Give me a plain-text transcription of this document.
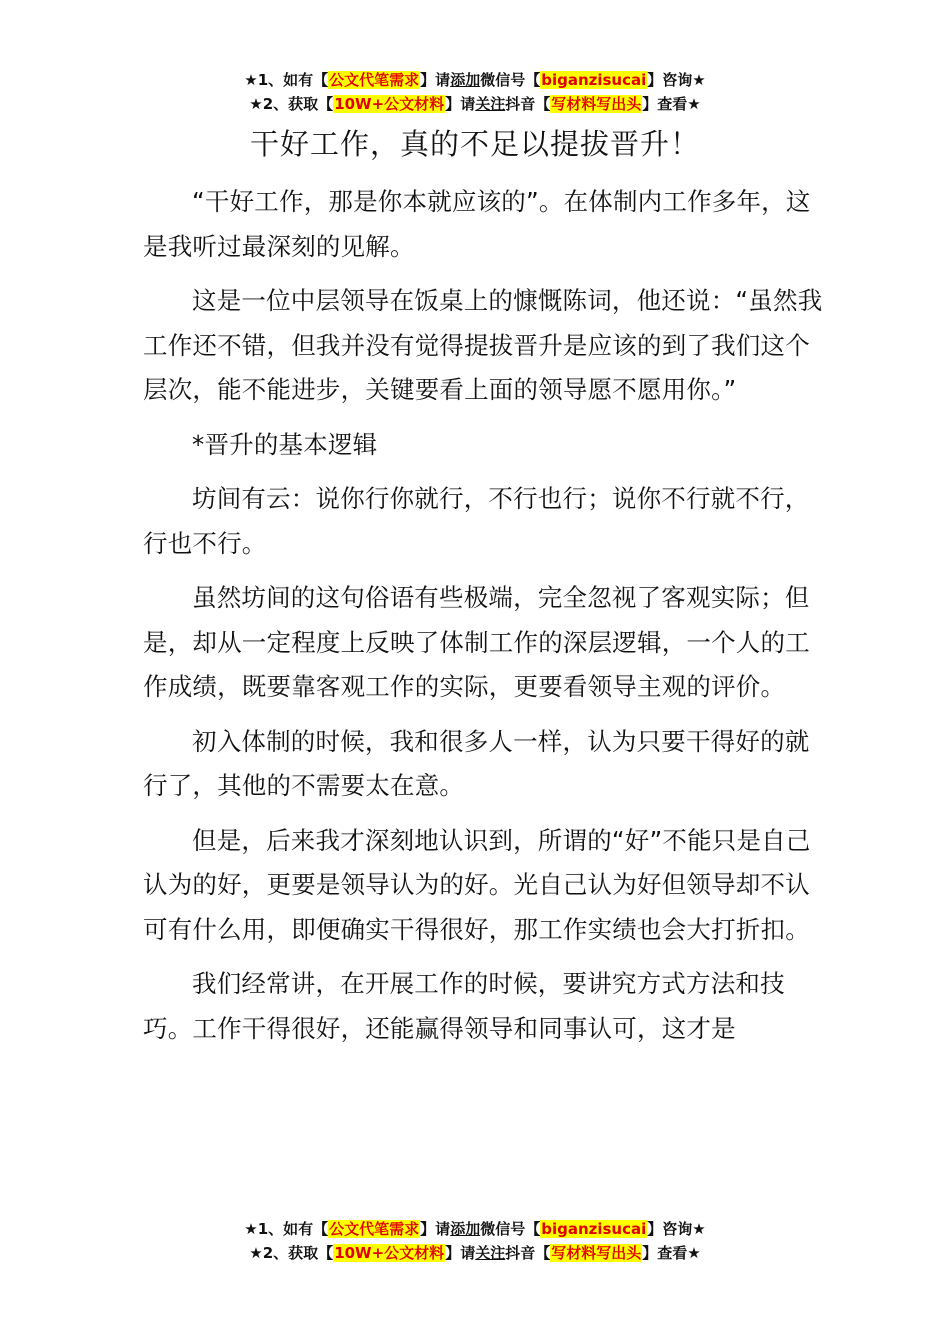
★1、如有【公文代笔需求】请添加微信号【biganzisucai】咨询★
★2、获取【10W+公文材料】请关注抖音【写材料写出头】查看★
干好工作，真的不足以提拔晋升！

“干好工作，那是你本就应该的”。在体制内工作多年，这是我听过最深刻的见解。

这是一位中层领导在饭桌上的慷慨陈词，他还说：“虽然我工作还不错，但我并没有觉得提拔晋升是应该的到了我们这个层次，能不能进步，关键要看上面的领导愿不愿用你。”

*晋升的基本逻辑

坊间有云：说你行你就行，不行也行；说你不行就不行，行也不行。

虽然坊间的这句俗语有些极端，完全忽视了客观实际；但是，却从一定程度上反映了体制工作的深层逻辑，一个人的工作成绩，既要靠客观工作的实际，更要看领导主观的评价。

初入体制的时候，我和很多人一样，认为只要干得好的就行了，其他的不需要太在意。

但是，后来我才深刻地认识到，所谓的“好”不能只是自己认为的好，更要是领导认为的好。光自己认为好但领导却不认可有什么用，即便确实干得很好，那工作实绩也会大打折扣。

我们经常讲，在开展工作的时候，要讲究方式方法和技巧。工作干得很好，还能赢得领导和同事认可，这才是

★1、如有【公文代笔需求】请添加微信号【biganzisucai】咨询★
★2、获取【10W+公文材料】请关注抖音【写材料写出头】查看★
